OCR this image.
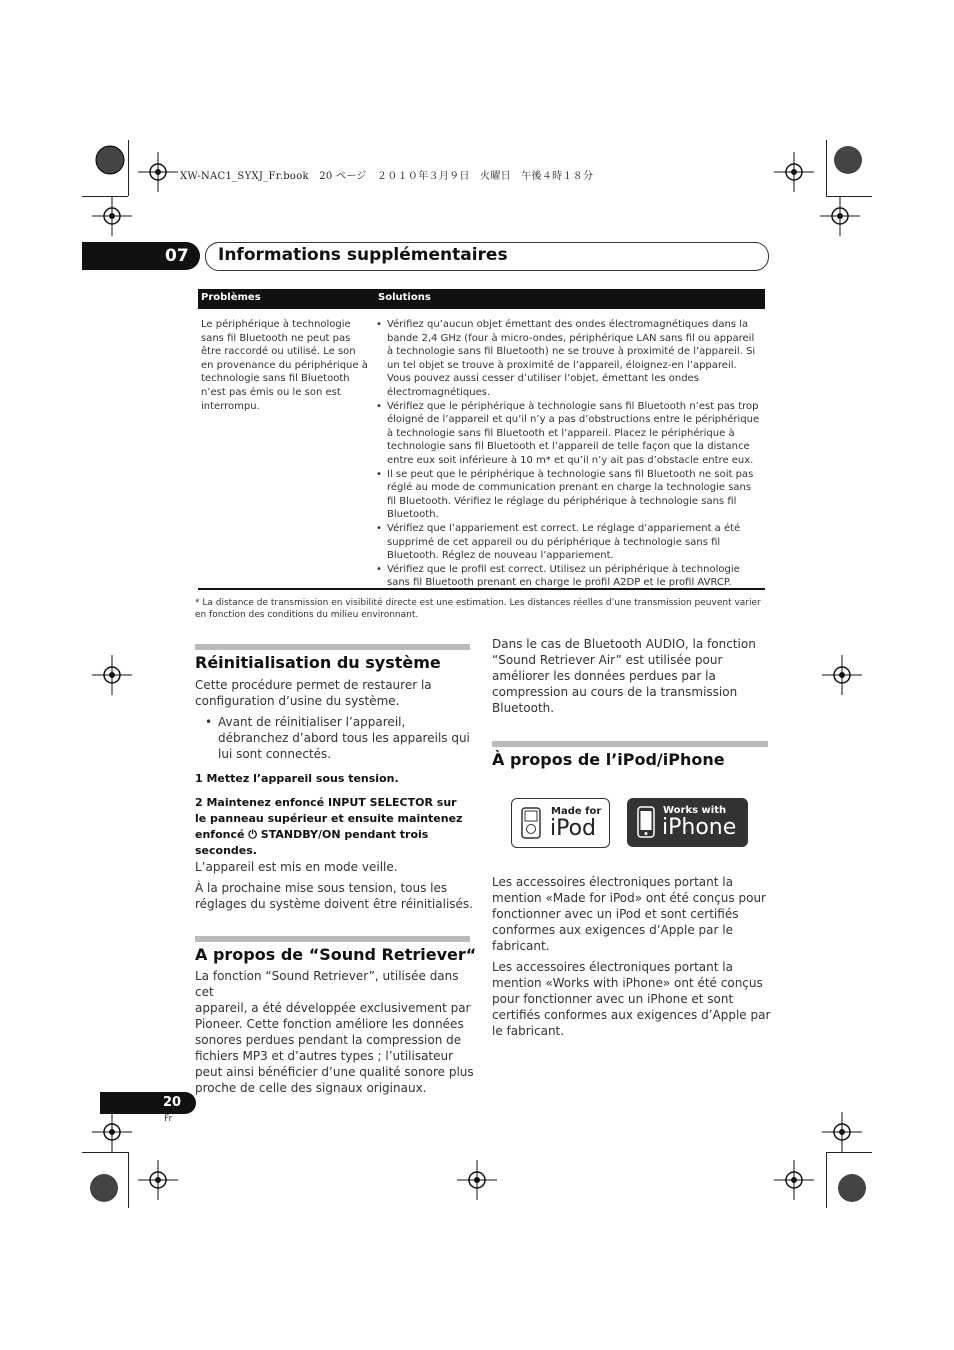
XW-NAC1_SYXJ_Fr.book　20 ページ　２０１０年３月９日　火曜日　午後４時１８分
07 Informations supplémentaires
Problèmes	Solutions
Le périphérique à technologie
sans fil Bluetooth ne peut pas
être raccordé ou utilisé. Le son
en provenance du périphérique à
technologie sans fil Bluetooth
n’est pas émis ou le son est
interrompu.
• Vérifiez qu’aucun objet émettant des ondes électromagnétiques dans la
bande 2,4 GHz (four à micro-ondes, périphérique LAN sans fil ou appareil
à technologie sans fil Bluetooth) ne se trouve à proximité de l’appareil. Si
un tel objet se trouve à proximité de l’appareil, éloignez-en l’appareil.
Vous pouvez aussi cesser d’utiliser l’objet, émettant les ondes
électromagnétiques.
• Vérifiez que le périphérique à technologie sans fil Bluetooth n’est pas trop
éloigné de l’appareil et qu’il n’y a pas d’obstructions entre le périphérique
à technologie sans fil Bluetooth et l’appareil. Placez le périphérique à
technologie sans fil Bluetooth et l’appareil de telle façon que la distance
entre eux soit inférieure à 10 m* et qu’il n’y ait pas d’obstacle entre eux.
• Il se peut que le périphérique à technologie sans fil Bluetooth ne soit pas
réglé au mode de communication prenant en charge la technologie sans
fil Bluetooth. Vérifiez le réglage du périphérique à technologie sans fil
Bluetooth.
• Vérifiez que l’appariement est correct. Le réglage d’appariement a été
supprimé de cet appareil ou du périphérique à technologie sans fil
Bluetooth. Réglez de nouveau l’appariement.
• Vérifiez que le profil est correct. Utilisez un périphérique à technologie
sans fil Bluetooth prenant en charge le profil A2DP et le profil AVRCP.
* La distance de transmission en visibilité directe est une estimation. Les distances réelles d’une transmission peuvent varier
en fonction des conditions du milieu environnant.
Réinitialisation du système
Cette procédure permet de restaurer la
configuration d’usine du système.
• Avant de réinitialiser l’appareil,
débranchez d’abord tous les appareils qui
lui sont connectés.
1 Mettez l’appareil sous tension.
2 Maintenez enfoncé INPUT SELECTOR sur
le panneau supérieur et ensuite maintenez
enfoncé ⏻ STANDBY/ON pendant trois
secondes.
L’appareil est mis en mode veille.
À la prochaine mise sous tension, tous les
réglages du système doivent être réinitialisés.
A propos de “Sound Retriever“
La fonction “Sound Retriever”, utilisée dans cet
appareil, a été développée exclusivement par
Pioneer. Cette fonction améliore les données
sonores perdues pendant la compression de
fichiers MP3 et d’autres types ; l’utilisateur
peut ainsi bénéficier d’une qualité sonore plus
proche de celle des signaux originaux.
Dans le cas de Bluetooth AUDIO, la fonction
“Sound Retriever Air” est utilisée pour
améliorer les données perdues par la
compression au cours de la transmission
Bluetooth.
À propos de l’iPod/iPhone
Made for
iPod
Works with
iPhone
Les accessoires électroniques portant la
mention «Made for iPod» ont été conçus pour
fonctionner avec un iPod et sont certifiés
conformes aux exigences d’Apple par le
fabricant.
Les accessoires électroniques portant la
mention «Works with iPhone» ont été conçus
pour fonctionner avec un iPhone et sont
certifiés conformes aux exigences d’Apple par
le fabricant.
20
Fr
